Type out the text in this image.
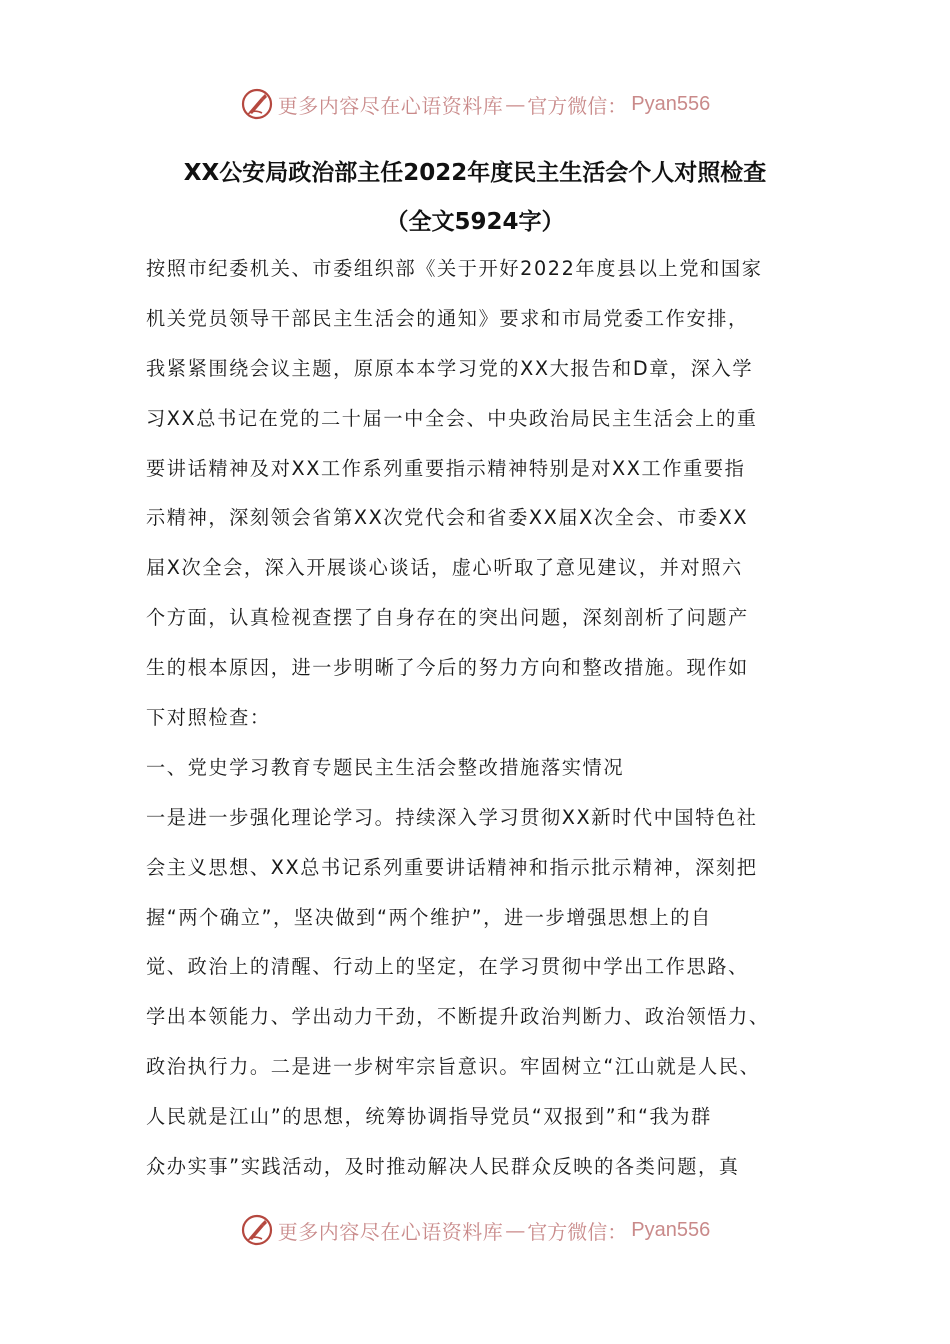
更多内容尽在心语资料库 — 官方微信： Pyan556
XX公安局政治部主任2022年度民主生活会个人对照检查
（全文5924字）
按照市纪委机关、市委组织部《关于开好2022年度县以上党和国家
机关党员领导干部民主生活会的通知》要求和市局党委工作安排，
我紧紧围绕会议主题，原原本本学习党的XX大报告和D章，深入学
习XX总书记在党的二十届一中全会、中央政治局民主生活会上的重
要讲话精神及对XX工作系列重要指示精神特别是对XX工作重要指
示精神，深刻领会省第XX次党代会和省委XX届X次全会、市委XX
届X次全会，深入开展谈心谈话，虚心听取了意见建议，并对照六
个方面，认真检视查摆了自身存在的突出问题，深刻剖析了问题产
生的根本原因，进一步明晰了今后的努力方向和整改措施。现作如
下对照检查：
一、党史学习教育专题民主生活会整改措施落实情况
一是进一步强化理论学习。持续深入学习贯彻XX新时代中国特色社
会主义思想、XX总书记系列重要讲话精神和指示批示精神，深刻把
握“两个确立”，坚决做到“两个维护”，进一步增强思想上的自
觉、政治上的清醒、行动上的坚定，在学习贯彻中学出工作思路、
学出本领能力、学出动力干劲，不断提升政治判断力、政治领悟力、
政治执行力。二是进一步树牢宗旨意识。牢固树立“江山就是人民、
人民就是江山”的思想，统筹协调指导党员“双报到”和“我为群
众办实事”实践活动，及时推动解决人民群众反映的各类问题，真
更多内容尽在心语资料库 — 官方微信： Pyan556
